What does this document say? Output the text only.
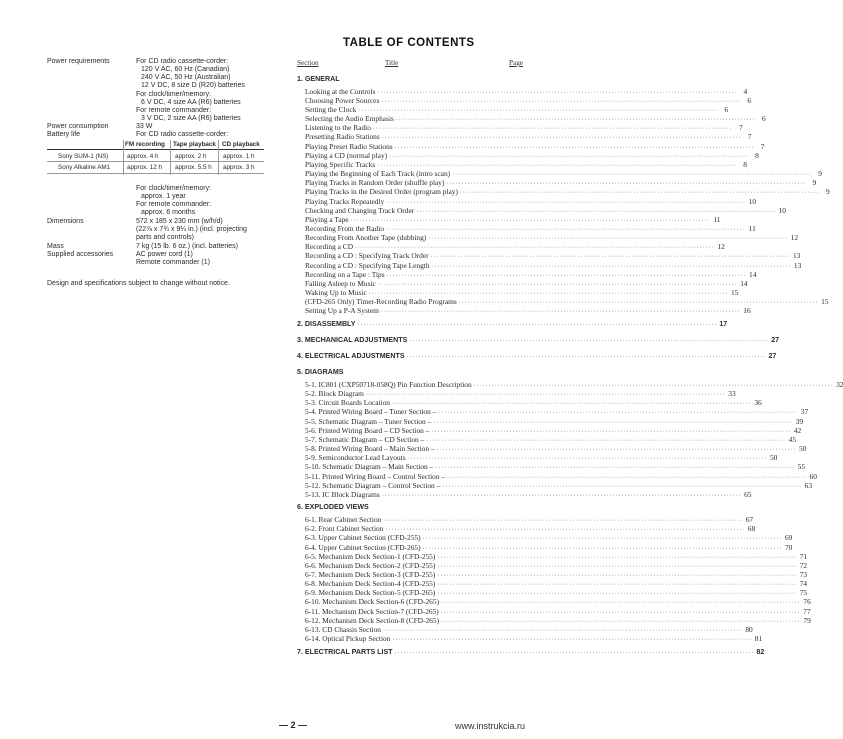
Power requirements	For CD radio cassette-corder:
120 V AC, 60 Hz (Canadian)
240 V AC, 50 Hz (Australian)
12 V DC, 8 size D (R20) batteries
For clock/timer/memory:
6 V DC, 4 size AA (R6) batteries
For remote commander:
3 V DC, 2 size AA (R6) batteries
Power consumption	33 W
Battery life	For CD radio cassette-corder:
FM recording Tape playback CD playback
Sony SUM-1 (NS)	approx. 4 h	approx. 2 h	approx. 1 h
Sony Alkaline AM1	approx. 12 h approx. 5.5 h approx. 3 h
For clock/timer/memory:
approx. 1 year
For remote commander:
approx. 6 months
Dimensions	572 x 185 x 230 mm (w/h/d)
(22⅞ x 7¾ x 9¼ in.) (incl. projecting
parts and controls)
Mass	7 kg (15 lb. 6 oz.) (incl. batteries)
Supplied accessories	AC power cord (1)
Remote commander (1)
Design and specifications subject to change without notice.
TABLE OF CONTENTS
Section	Title	Page
1. GENERAL
Looking at the Controls ························································································································ 4
Choosing Power Sources ························································································································ 6
Setting the Clock ························································································································ 6
Selecting the Audio Emphasis ························································································································ 6
Listening to the Radio ························································································································ 7
Presetting Radio Stations ························································································································ 7
Playing Preset Radio Stations ························································································································ 7
Playing a CD (normal play) ························································································································ 8
Playing Specific Tracks ························································································································ 8
Playing the Beginning of Each Track (intro scan) ························································································································ 9
Playing Tracks in Random Order (shuffle play) ························································································································ 9
Playing Tracks in the Desired Order (program play) ························································································································ 9
Playing Tracks Repeatedly ························································································································ 10
Checking and Changing Track Order ························································································································ 10
Playing a Tape ························································································································ 11
Recording From the Radio ························································································································ 11
Recording From Another Tape (dubbing) ························································································································ 12
Recording a CD ························································································································ 12
Recording a CD : Specifying Track Order ························································································································ 13
Recording a CD : Specifying Tape Length ························································································································ 13
Recording on a Tape : Tips ························································································································ 14
Falling Asleep to Music ························································································································ 14
Waking Up to Music ························································································································ 15
(CFD-265 Only) Timer-Recording Radio Programs ························································································································ 15
Setting Up a P-A System ························································································································ 16
2. DISASSEMBLY ························································································································ 17
3. MECHANICAL ADJUSTMENTS ························································································································ 27
4. ELECTRICAL ADJUSTMENTS ························································································································ 27
5. DIAGRAMS
5-1. IC801 (CXP50718-058Q) Pin Function Description ························································································································ 32
5-2. Block Diagram ························································································································ 33
5-3. Circuit Boards Location ························································································································ 36
5-4. Printed Wiring Board – Tuner Section – ························································································································ 37
5-5. Schematic Diagram – Tuner Section – ························································································································ 39
5-6. Printed Wiring Board – CD Section – ························································································································ 42
5-7. Schematic Diagram – CD Section – ························································································································ 45
5-8. Printed Wiring Board – Main Section – ························································································································ 50
5-9. Semiconductor Lead Layouts ························································································································ 50
5-10. Schematic Diagram – Main Section – ························································································································ 55
5-11. Printed Wiring Board – Control Section – ························································································································ 60
5-12. Schematic Diagram – Control Section – ························································································································ 63
5-13. IC Block Diagrams ························································································································ 65
6. EXPLODED VIEWS
6-1. Rear Cabinet Section ························································································································ 67
6-2. Front Cabinet Section ························································································································ 68
6-3. Upper Cabinet Section (CFD-255) ························································································································ 69
6-4. Upper Cabinet Section (CFD-265) ························································································································ 70
6-5. Mechanism Deck Section-1 (CFD-255) ························································································································ 71
6-6. Mechanism Deck Section-2 (CFD-255) ························································································································ 72
6-7. Mechanism Deck Section-3 (CFD-255) ························································································································ 73
6-8. Mechanism Deck Section-4 (CFD-255) ························································································································ 74
6-9. Mechanism Deck Section-5 (CFD-265) ························································································································ 75
6-10. Mechanism Deck Section-6 (CFD-265) ························································································································ 76
6-11. Mechanism Deck Section-7 (CFD-265) ························································································································ 77
6-12. Mechanism Deck Section-8 (CFD-265) ························································································································ 79
6-13. CD Chassis Section ························································································································ 80
6-14. Optical Pickup Section ························································································································ 81
7. ELECTRICAL PARTS LIST ························································································································ 82
— 2 —	www.instrukcia.ru
